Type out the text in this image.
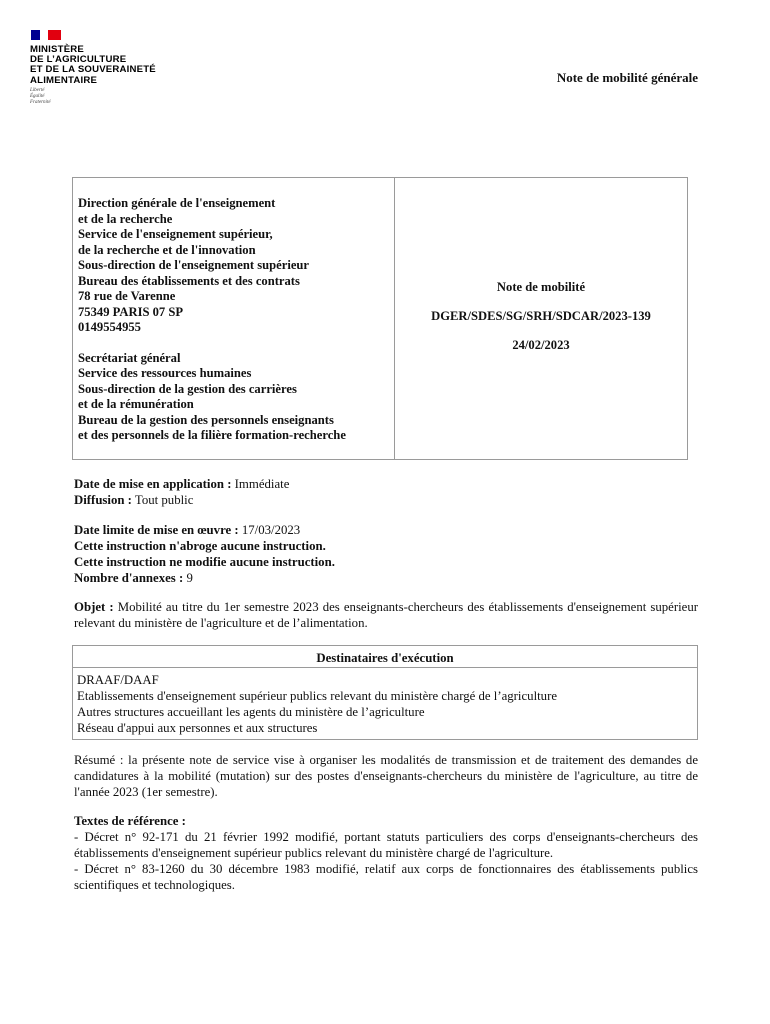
MINISTÈRE
DE L’AGRICULTURE
ET DE LA SOUVERAINETÉ
ALIMENTAIRE
Liberté
Égalité
Fraternité
Note de mobilité générale
Direction générale de l'enseignement
et de la recherche
Service de l'enseignement supérieur,
de la recherche et de l'innovation
Sous-direction de l'enseignement supérieur
Bureau des établissements et des contrats
78 rue de Varenne
75349 PARIS 07 SP
0149554955
Secrétariat général
Service des ressources humaines
Sous-direction de la gestion des carrières
et de la rémunération
Bureau de la gestion des personnels enseignants
et des personnels de la filière formation-recherche
Note de mobilité
DGER/SDES/SG/SRH/SDCAR/2023-139
24/02/2023
Date de mise en application : Immédiate
Diffusion : Tout public
Date limite de mise en œuvre : 17/03/2023
Cette instruction n'abroge aucune instruction.
Cette instruction ne modifie aucune instruction.
Nombre d'annexes : 9
Objet : Mobilité au titre du 1er semestre 2023 des enseignants-chercheurs des établissements d'enseignement supérieur relevant du ministère de l'agriculture et de l’alimentation.
Destinataires d'exécution
DRAAF/DAAF
Etablissements d'enseignement supérieur publics relevant du ministère chargé de l’agriculture
Autres structures accueillant les agents du ministère de l’agriculture
Réseau d'appui aux personnes et aux structures
Résumé : la présente note de service vise à organiser les modalités de transmission et de traitement des demandes de candidatures à la mobilité (mutation) sur des postes d'enseignants-chercheurs du ministère de l'agriculture, au titre de l'année 2023 (1er semestre).
Textes de référence :
- Décret n° 92-171 du 21 février 1992 modifié, portant statuts particuliers des corps d'enseignants-chercheurs des établissements d'enseignement supérieur publics relevant du ministère chargé de l'agriculture.
- Décret n° 83-1260 du 30 décembre 1983 modifié, relatif aux corps de fonctionnaires des établissements publics scientifiques et technologiques.
